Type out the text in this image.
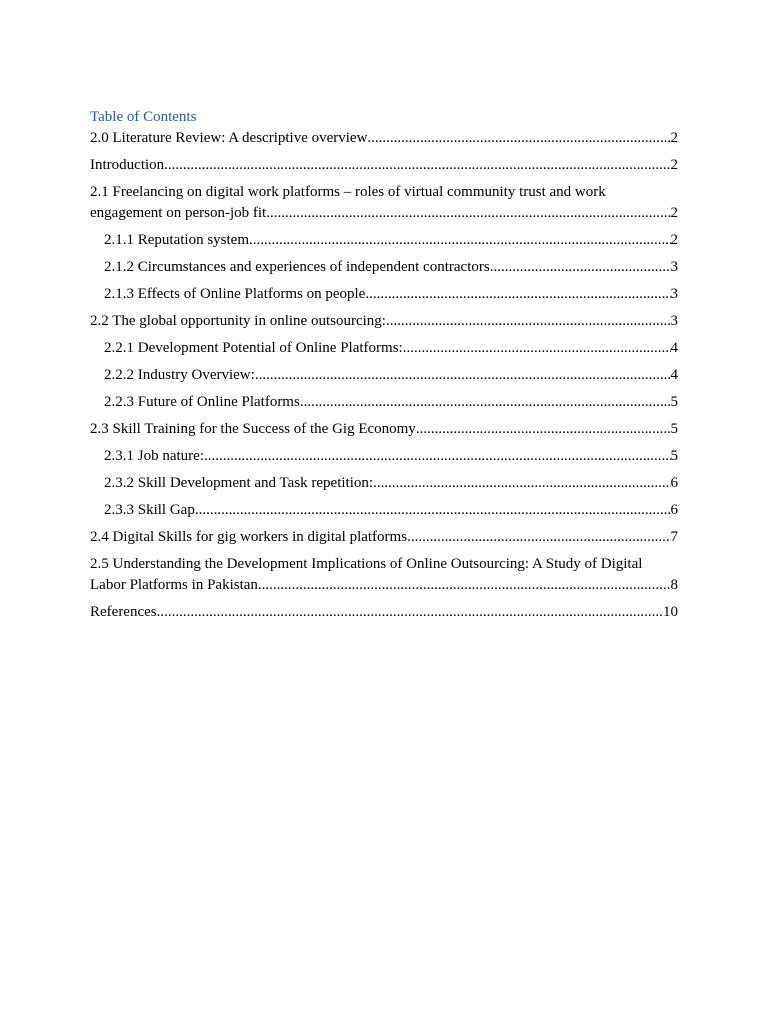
Table of Contents
2.0 Literature Review: A descriptive overview .....	2
Introduction .....	2
2.1 Freelancing on digital work platforms – roles of virtual community trust and work
engagement on person-job fit .....	2
2.1.1 Reputation system .....	2
2.1.2 Circumstances and experiences of independent contractors .....	3
2.1.3 Effects of Online Platforms on people .....	3
2.2 The global opportunity in online outsourcing: .....	3
2.2.1 Development Potential of Online Platforms: .....	4
2.2.2 Industry Overview: .....	4
2.2.3 Future of Online Platforms .....	5
2.3 Skill Training for the Success of the Gig Economy .....	5
2.3.1 Job nature: .....	5
2.3.2 Skill Development and Task repetition: .....	6
2.3.3 Skill Gap .....	6
2.4 Digital Skills for gig workers in digital platforms .....	7
2.5 Understanding the Development Implications of Online Outsourcing: A Study of Digital
Labor Platforms in Pakistan .....	8
References .....	10
